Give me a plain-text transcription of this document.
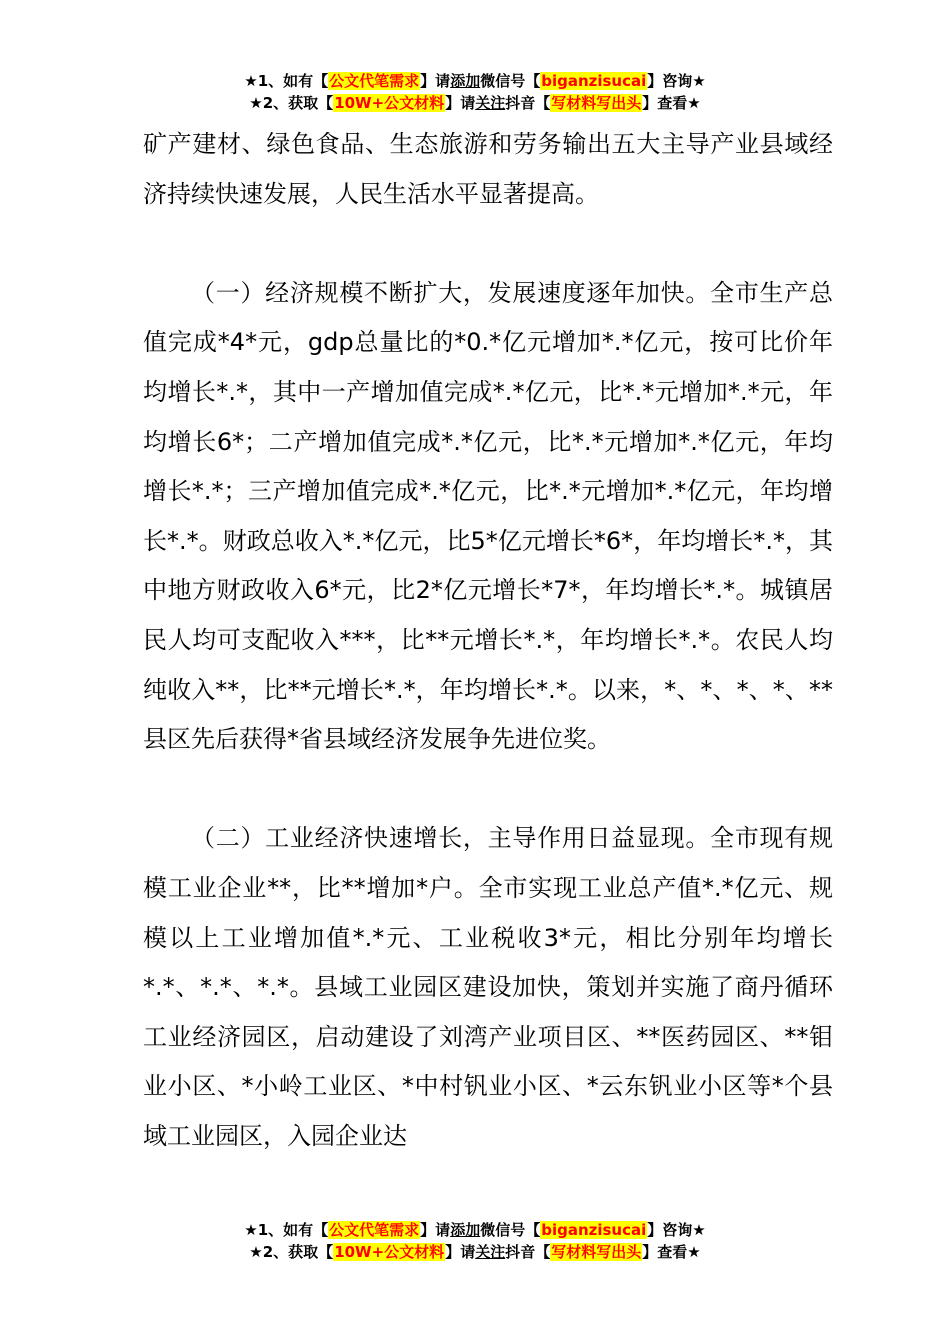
★1、如有【公文代笔需求】请添加微信号【biganzisucai】咨询★
★2、获取【10W+公文材料】请关注抖音【写材料写出头】查看★

矿产建材、绿色食品、生态旅游和劳务输出五大主导产业县域经济持续快速发展，人民生活水平显著提高。

（一）经济规模不断扩大，发展速度逐年加快。全市生产总值完成*4*元，gdp总量比的*0.*亿元增加*.*亿元，按可比价年均增长*.*，其中一产增加值完成*.*亿元，比*.*元增加*.*元，年均增长6*；二产增加值完成*.*亿元，比*.*元增加*.*亿元，年均增长*.*；三产增加值完成*.*亿元，比*.*元增加*.*亿元，年均增长*.*。财政总收入*.*亿元，比5*亿元增长*6*，年均增长*.*，其中地方财政收入6*元，比2*亿元增长*7*，年均增长*.*。城镇居民人均可支配收入***，比**元增长*.*，年均增长*.*。农民人均纯收入**，比**元增长*.*，年均增长*.*。以来，*、*、*、*、**县区先后获得*省县域经济发展争先进位奖。

（二）工业经济快速增长，主导作用日益显现。全市现有规模工业企业**，比**增加*户。全市实现工业总产值*.*亿元、规模以上工业增加值*.*元、工业税收3*元，相比分别年均增长*.*、*.*、*.*。县域工业园区建设加快，策划并实施了商丹循环工业经济园区，启动建设了刘湾产业项目区、**医药园区、**钼业小区、*小岭工业区、*中村钒业小区、*云东钒业小区等*个县域工业园区，入园企业达

★1、如有【公文代笔需求】请添加微信号【biganzisucai】咨询★
★2、获取【10W+公文材料】请关注抖音【写材料写出头】查看★
